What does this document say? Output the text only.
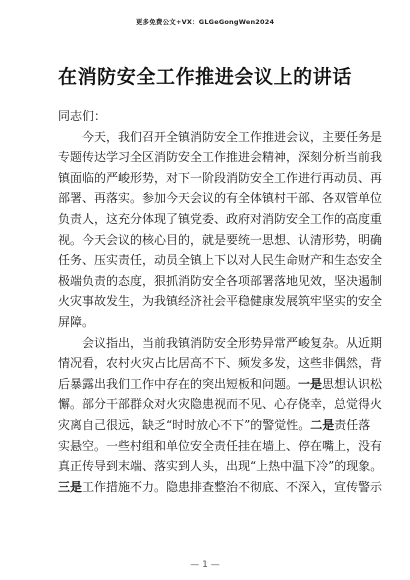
更多免费公文+VX：GLGeGongWen2024
在消防安全工作推进会议上的讲话
同志们：
今天，我们召开全镇消防安全工作推进会议，主要任务是
专题传达学习全区消防安全工作推进会精神，深刻分析当前我
镇面临的严峻形势，对下一阶段消防安全工作进行再动员、再
部署、再落实。参加今天会议的有全体镇村干部、各双管单位
负责人，这充分体现了镇党委、政府对消防安全工作的高度重
视。今天会议的核心目的，就是要统一思想、认清形势，明确
任务、压实责任，动员全镇上下以对人民生命财产和生态安全
极端负责的态度，狠抓消防安全各项部署落地见效，坚决遏制
火灾事故发生，为我镇经济社会平稳健康发展筑牢坚实的安全
屏障。
会议指出，当前我镇消防安全形势异常严峻复杂。从近期
情况看，农村火灾占比居高不下、频发多发，这些非偶然，背
后暴露出我们工作中存在的突出短板和问题。一是思想认识松
懈。部分干部群众对火灾隐患视而不见、心存侥幸，总觉得火
灾离自己很远，缺乏“时时放心不下”的警觉性。二是责任落
实悬空。一些村组和单位安全责任挂在墙上、停在嘴上，没有
真正传导到末端、落实到人头，出现“上热中温下冷”的现象。
三是工作措施不力。隐患排查整治不彻底、不深入，宣传警示
— 1 —
